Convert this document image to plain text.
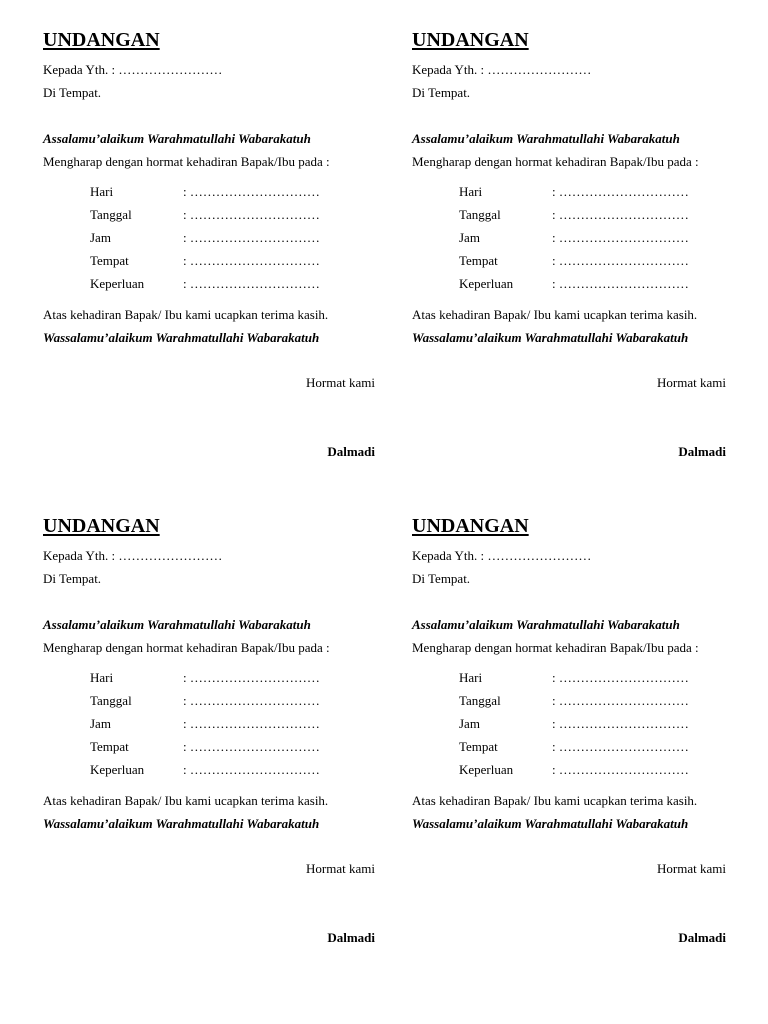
UNDANGAN
Kepada Yth. : ……………………
Di Tempat.
Assalamu’alaikum Warahmatullahi Wabarakatuh
Mengharap dengan hormat kehadiran Bapak/Ibu pada :
Hari	: …………………………
Tanggal	: …………………………
Jam	: …………………………
Tempat	: …………………………
Keperluan	: …………………………
Atas kehadiran Bapak/ Ibu kami ucapkan terima kasih.
Wassalamu’alaikum Warahmatullahi Wabarakatuh
Hormat kami
Dalmadi
UNDANGAN
Kepada Yth. : ……………………
Di Tempat.
Assalamu’alaikum Warahmatullahi Wabarakatuh
Mengharap dengan hormat kehadiran Bapak/Ibu pada :
Hari	: …………………………
Tanggal	: …………………………
Jam	: …………………………
Tempat	: …………………………
Keperluan	: …………………………
Atas kehadiran Bapak/ Ibu kami ucapkan terima kasih.
Wassalamu’alaikum Warahmatullahi Wabarakatuh
Hormat kami
Dalmadi
UNDANGAN
Kepada Yth. : ……………………
Di Tempat.
Assalamu’alaikum Warahmatullahi Wabarakatuh
Mengharap dengan hormat kehadiran Bapak/Ibu pada :
Hari	: …………………………
Tanggal	: …………………………
Jam	: …………………………
Tempat	: …………………………
Keperluan	: …………………………
Atas kehadiran Bapak/ Ibu kami ucapkan terima kasih.
Wassalamu’alaikum Warahmatullahi Wabarakatuh
Hormat kami
Dalmadi
UNDANGAN
Kepada Yth. : ……………………
Di Tempat.
Assalamu’alaikum Warahmatullahi Wabarakatuh
Mengharap dengan hormat kehadiran Bapak/Ibu pada :
Hari	: …………………………
Tanggal	: …………………………
Jam	: …………………………
Tempat	: …………………………
Keperluan	: …………………………
Atas kehadiran Bapak/ Ibu kami ucapkan terima kasih.
Wassalamu’alaikum Warahmatullahi Wabarakatuh
Hormat kami
Dalmadi
